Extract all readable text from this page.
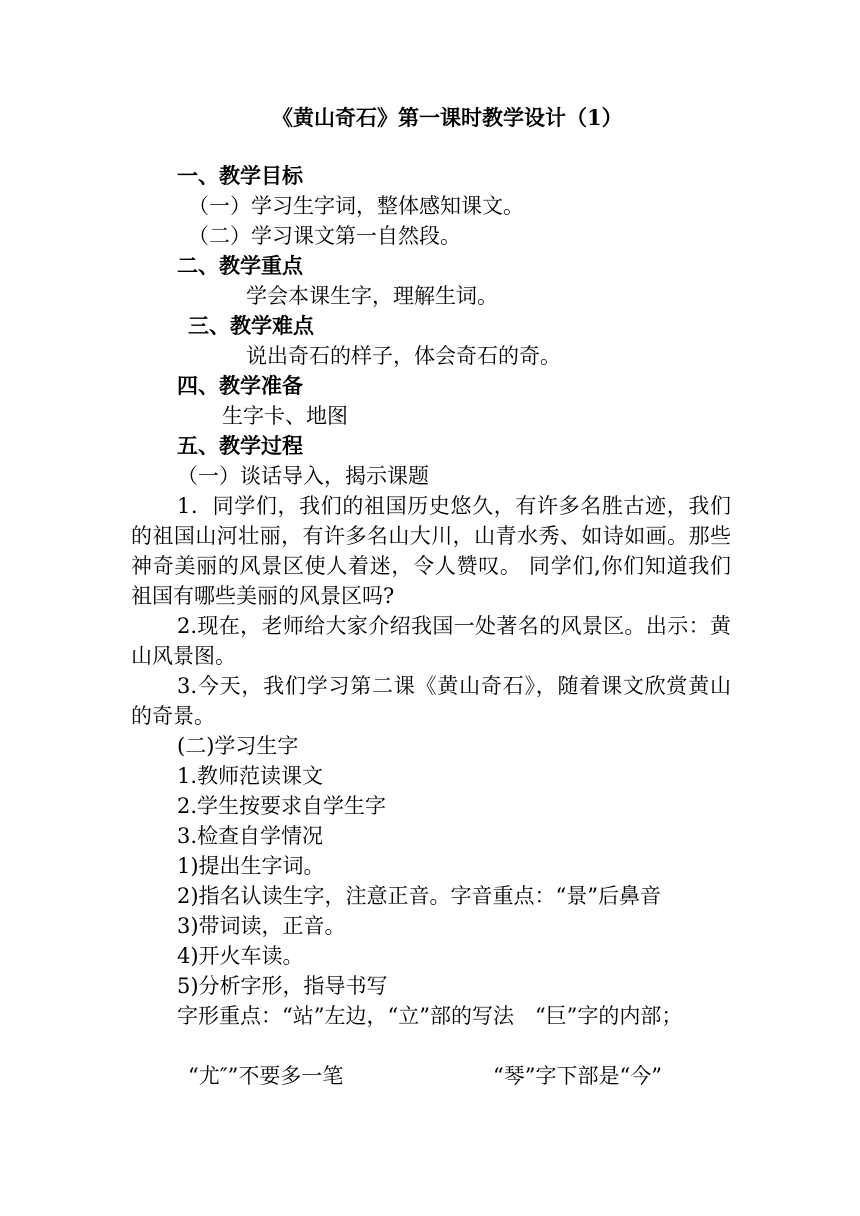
《黄山奇石》第一课时教学设计（1）
一、教学目标
（一）学习生字词，整体感知课文。
（二）学习课文第一自然段。
二、教学重点
学会本课生字，理解生词。
三、教学难点
说出奇石的样子，体会奇石的奇。
四、教学准备
生字卡、地图
五、教学过程
（一）谈话导入，揭示课题

1．同学们，我们的祖国历史悠久，有许多名胜古迹，我们的祖国山河壮丽，有许多名山大川，山青水秀、如诗如画。那些神奇美丽的风景区使人着迷，令人赞叹。 同学们,你们知道我们祖国有哪些美丽的风景区吗?

2.现在，老师给大家介绍我国一处著名的风景区。出示：黄山风景图。

3.今天，我们学习第二课《黄山奇石》，随着课文欣赏黄山的奇景。

(二)学习生字
1.教师范读课文
2.学生按要求自学生字
3.检查自学情况
1)提出生字词。
2)指名认读生字，注意正音。字音重点：“景”后鼻音
3)带词读，正音。
4)开火车读。
5)分析字形，指导书写

字形重点：“站”左边，“立”部的写法　“巨”字的内部；

“尤″”不要多一笔	“琴”字下部是“今”
